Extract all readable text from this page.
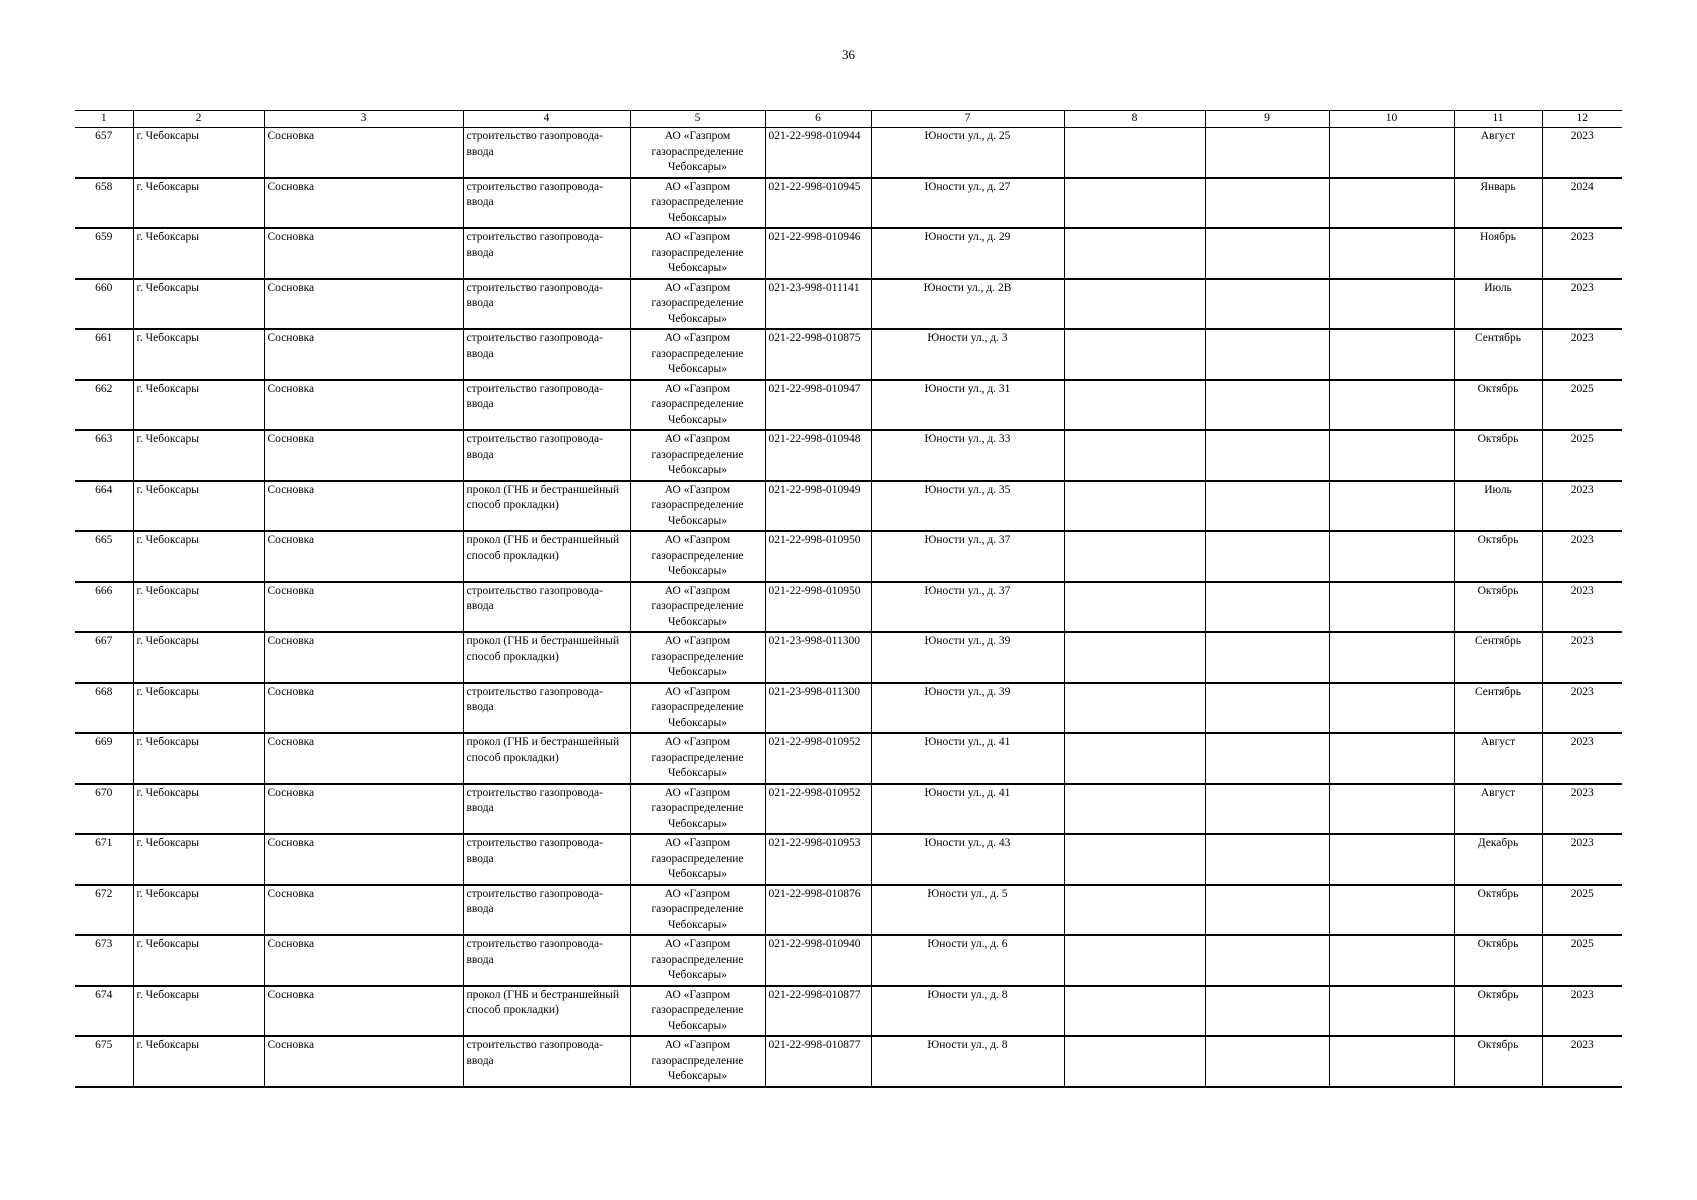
36
1	2	3	4	5	6	7	8	9	10	11	12
657	г. Чебоксары	Сосновка	строительство газопровода-ввода	АО «Газпром газораспределение Чебоксары»	021-22-998-010944	Юности ул., д. 25				Август	2023
658	г. Чебоксары	Сосновка	строительство газопровода-ввода	АО «Газпром газораспределение Чебоксары»	021-22-998-010945	Юности ул., д. 27				Январь	2024
659	г. Чебоксары	Сосновка	строительство газопровода-ввода	АО «Газпром газораспределение Чебоксары»	021-22-998-010946	Юности ул., д. 29				Ноябрь	2023
660	г. Чебоксары	Сосновка	строительство газопровода-ввода	АО «Газпром газораспределение Чебоксары»	021-23-998-011141	Юности ул., д. 2В				Июль	2023
661	г. Чебоксары	Сосновка	строительство газопровода-ввода	АО «Газпром газораспределение Чебоксары»	021-22-998-010875	Юности ул., д. 3				Сентябрь	2023
662	г. Чебоксары	Сосновка	строительство газопровода-ввода	АО «Газпром газораспределение Чебоксары»	021-22-998-010947	Юности ул., д. 31				Октябрь	2025
663	г. Чебоксары	Сосновка	строительство газопровода-ввода	АО «Газпром газораспределение Чебоксары»	021-22-998-010948	Юности ул., д. 33				Октябрь	2025
664	г. Чебоксары	Сосновка	прокол (ГНБ и бестраншейный способ прокладки)	АО «Газпром газораспределение Чебоксары»	021-22-998-010949	Юности ул., д. 35				Июль	2023
665	г. Чебоксары	Сосновка	прокол (ГНБ и бестраншейный способ прокладки)	АО «Газпром газораспределение Чебоксары»	021-22-998-010950	Юности ул., д. 37				Октябрь	2023
666	г. Чебоксары	Сосновка	строительство газопровода-ввода	АО «Газпром газораспределение Чебоксары»	021-22-998-010950	Юности ул., д. 37				Октябрь	2023
667	г. Чебоксары	Сосновка	прокол (ГНБ и бестраншейный способ прокладки)	АО «Газпром газораспределение Чебоксары»	021-23-998-011300	Юности ул., д. 39				Сентябрь	2023
668	г. Чебоксары	Сосновка	строительство газопровода-ввода	АО «Газпром газораспределение Чебоксары»	021-23-998-011300	Юности ул., д. 39				Сентябрь	2023
669	г. Чебоксары	Сосновка	прокол (ГНБ и бестраншейный способ прокладки)	АО «Газпром газораспределение Чебоксары»	021-22-998-010952	Юности ул., д. 41				Август	2023
670	г. Чебоксары	Сосновка	строительство газопровода-ввода	АО «Газпром газораспределение Чебоксары»	021-22-998-010952	Юности ул., д. 41				Август	2023
671	г. Чебоксары	Сосновка	строительство газопровода-ввода	АО «Газпром газораспределение Чебоксары»	021-22-998-010953	Юности ул., д. 43				Декабрь	2023
672	г. Чебоксары	Сосновка	строительство газопровода-ввода	АО «Газпром газораспределение Чебоксары»	021-22-998-010876	Юности ул., д. 5				Октябрь	2025
673	г. Чебоксары	Сосновка	строительство газопровода-ввода	АО «Газпром газораспределение Чебоксары»	021-22-998-010940	Юности ул., д. 6				Октябрь	2025
674	г. Чебоксары	Сосновка	прокол (ГНБ и бестраншейный способ прокладки)	АО «Газпром газораспределение Чебоксары»	021-22-998-010877	Юности ул., д. 8				Октябрь	2023
675	г. Чебоксары	Сосновка	строительство газопровода-ввода	АО «Газпром газораспределение Чебоксары»	021-22-998-010877	Юности ул., д. 8				Октябрь	2023
